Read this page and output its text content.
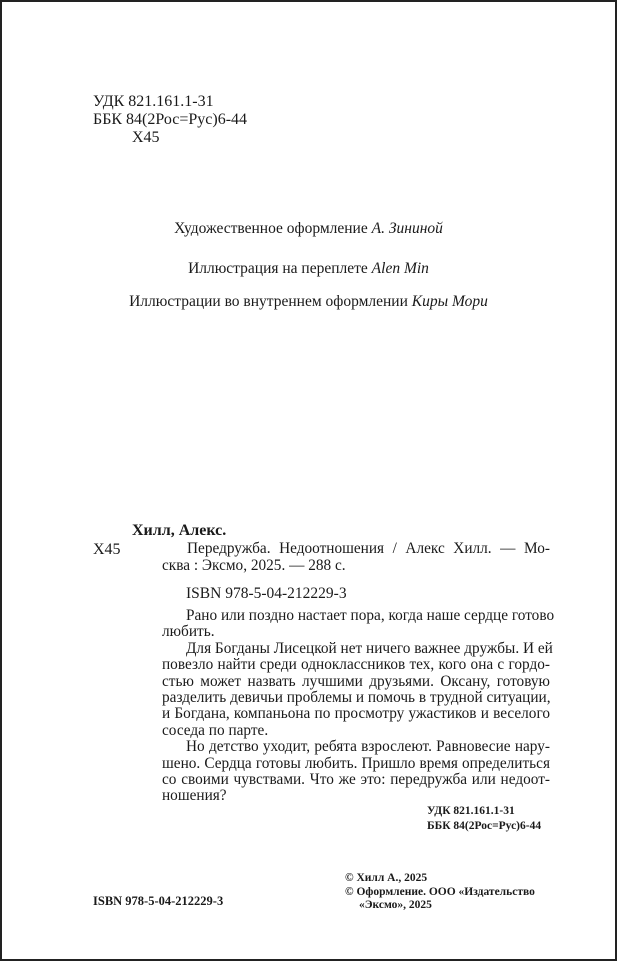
УДК 821.161.1-31
ББК 84(2Рос=Рус)6-44
Х45
Художественное оформление А. Зининой
Иллюстрация на переплете Alen Min
Иллюстрации во внутреннем оформлении Киры Мори
Хилл, Алекс.
Х45	Передружба. Недоотношения / Алекс Хилл. — Мо-
сква : Эксмо, 2025. — 288 с.
ISBN 978-5-04-212229-3
Рано или поздно настает пора, когда наше сердце готово
любить.
Для Богданы Лисецкой нет ничего важнее дружбы. И ей
повезло найти среди одноклассников тех, кого она с гордо-
стью может назвать лучшими друзьями. Оксану, готовую
разделить девичьи проблемы и помочь в трудной ситуации,
и Богдана, компаньона по просмотру ужастиков и веселого
соседа по парте.
Но детство уходит, ребята взрослеют. Равновесие нару-
шено. Сердца готовы любить. Пришло время определиться
со своими чувствами. Что же это: передружба или недоот-
ношения?
УДК 821.161.1-31
ББК 84(2Рос=Рус)6-44
© Хилл А., 2025
© Оформление. ООО «Издательство
«Эксмо», 2025
ISBN 978-5-04-212229-3
